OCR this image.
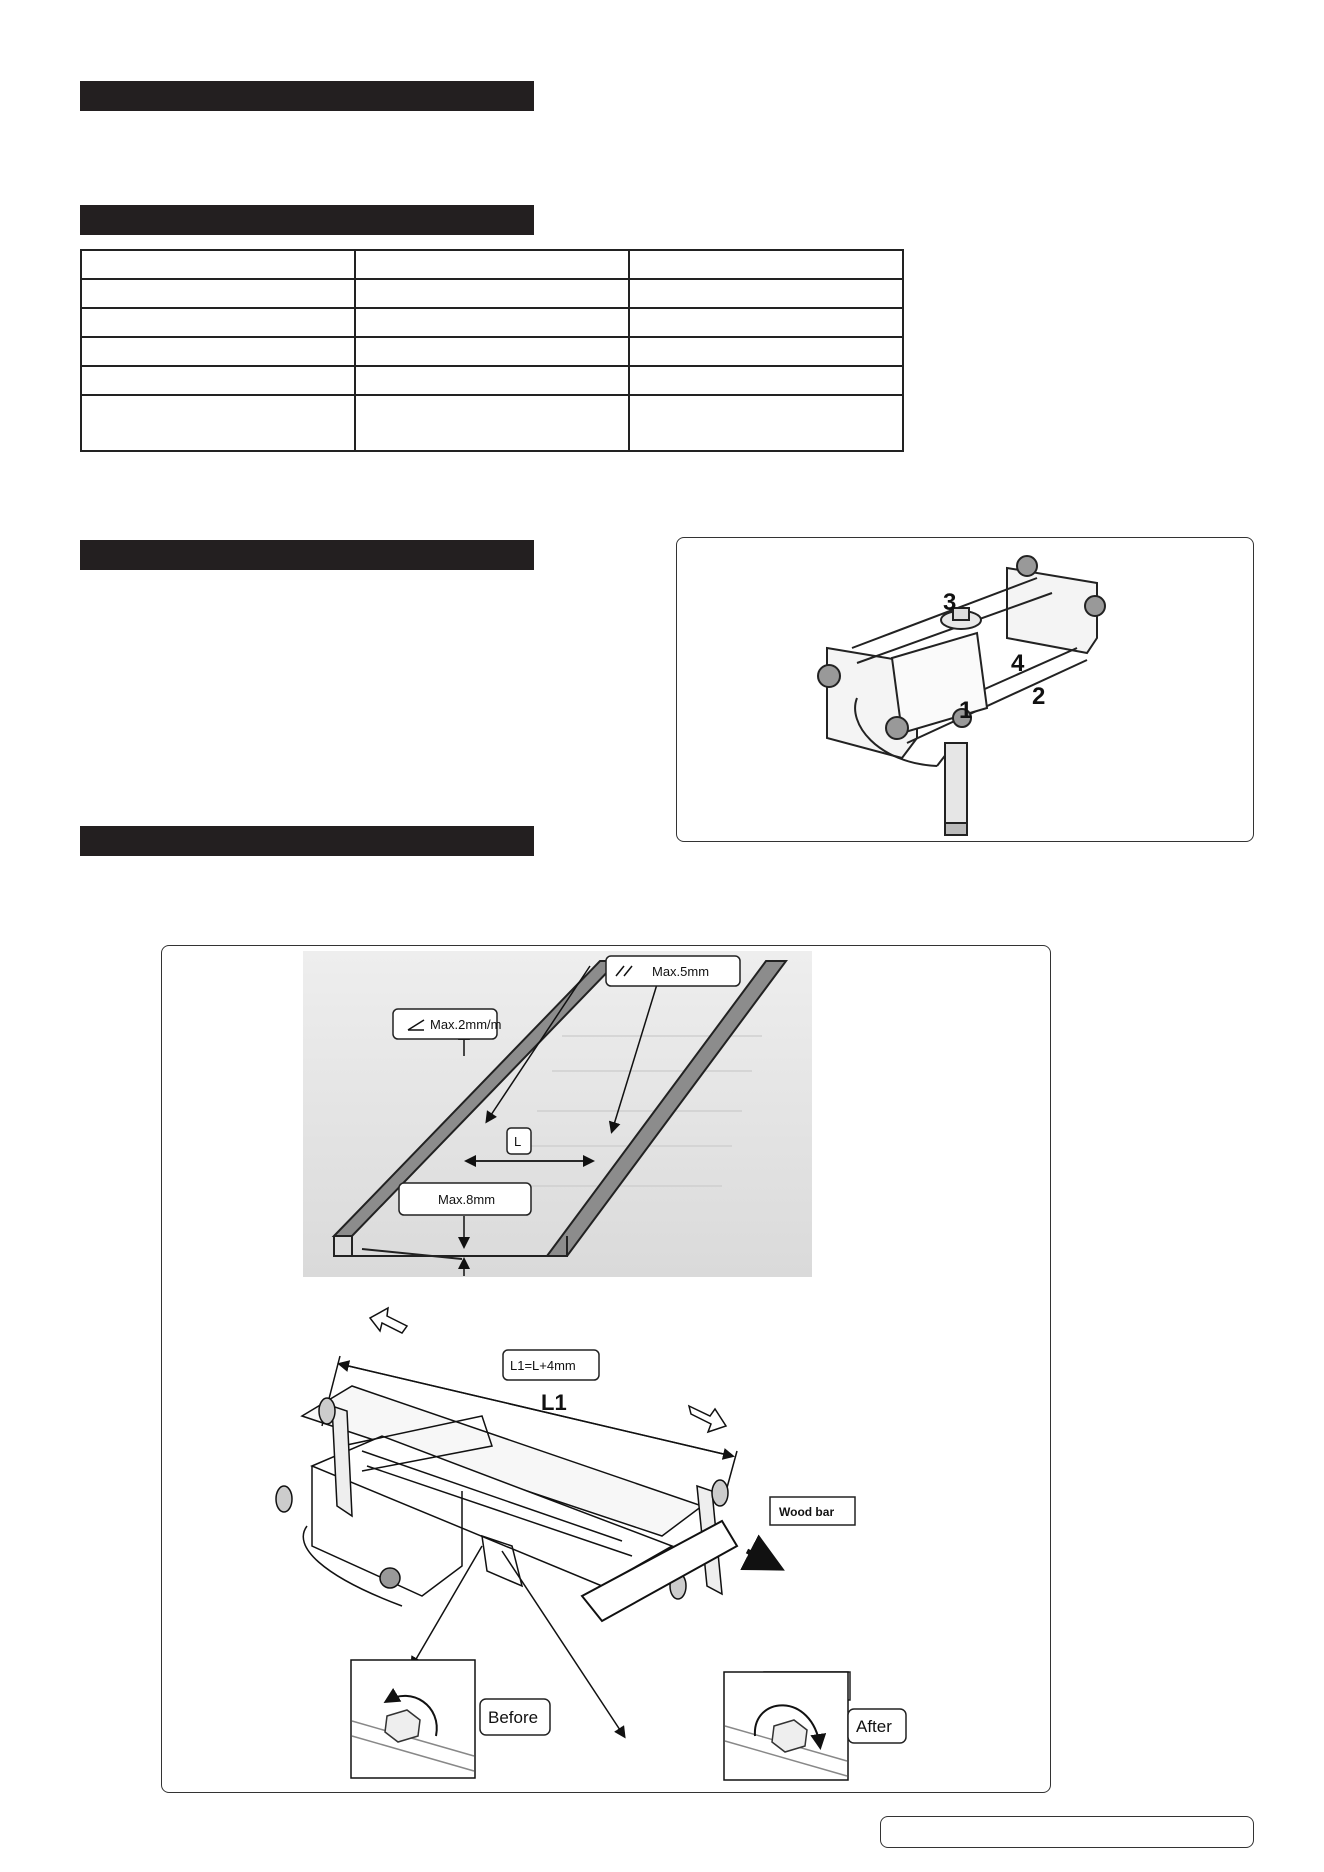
1
2
3
4
Max.2mm/m
Max.5mm
L
Max.8mm
L1=L+4mm
L1
Wood bar
Before	After
